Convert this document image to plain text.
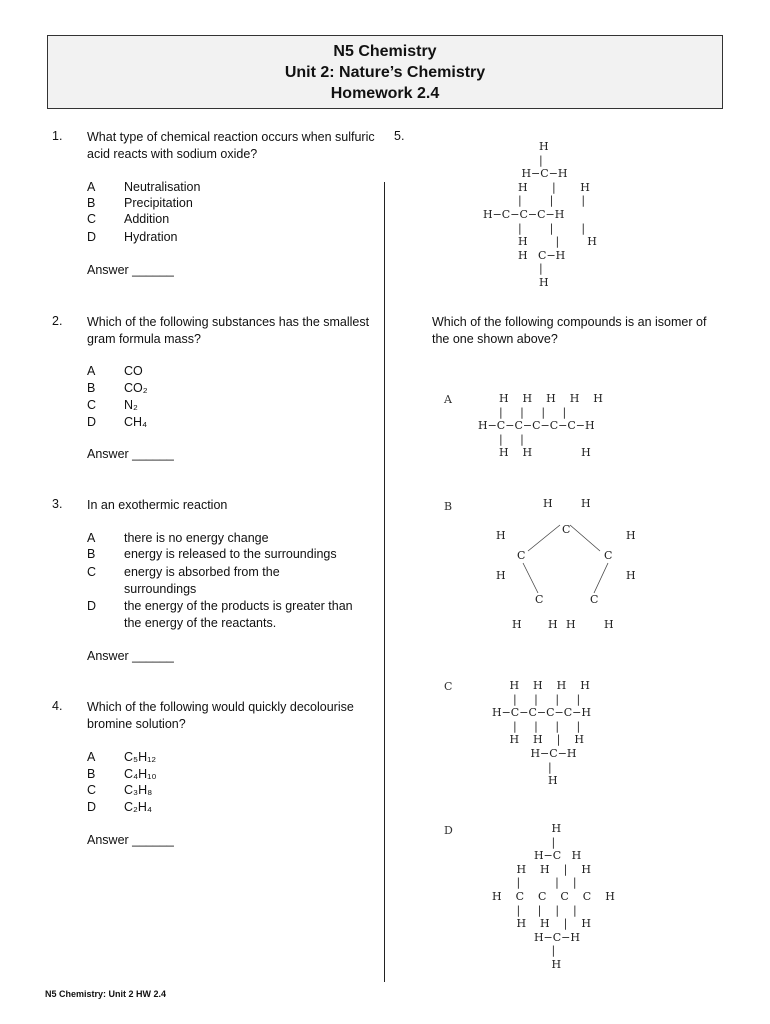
N5 Chemistry
Unit 2: Nature’s Chemistry
Homework 2.4
1. What type of chemical reaction occurs when sulfuric acid reacts with sodium oxide?
A Neutralisation
B Precipitation
C Addition
D Hydration
Answer ______
2. Which of the following substances has the smallest gram formula mass?
A CO
B CO₂
C N₂
D CH₄
Answer ______
3. In an exothermic reaction
A there is no energy change
B energy is released to the surroundings
C energy is absorbed from the surroundings
D the energy of the products is greater than the energy of the reactants.
Answer ______
4. Which of the following would quickly decolourise bromine solution?
A C₅H₁₂
B C₄H₁₀
C C₃H₈
D C₂H₄
Answer ______
5.
H
|
H−C−H
H       |       H
|        |        |
H−C−C−C−H
|        |        |
H        |        H
H   C−H
|
H
Which of the following compounds is an isomer of the one shown above?
A	H    H    H    H    H
|     |     |     |
H−C−C−C−C−C−H
|     |
H    H              H
B	H	H
C
H	H
C	C
H	H
C	C
H H H	H
C	H    H    H    H
|     |     |     |
H−C−C−C−C−H
|     |     |     |
H    H    |    H
H−C−H
|
H
D	H
|
H−C   H
H    H    |    H
|          |    |
H    C    C    C    C    H
|     |    |    |
H    H    |    H
H−C−H
|
H
N5 Chemistry: Unit 2 HW 2.4
